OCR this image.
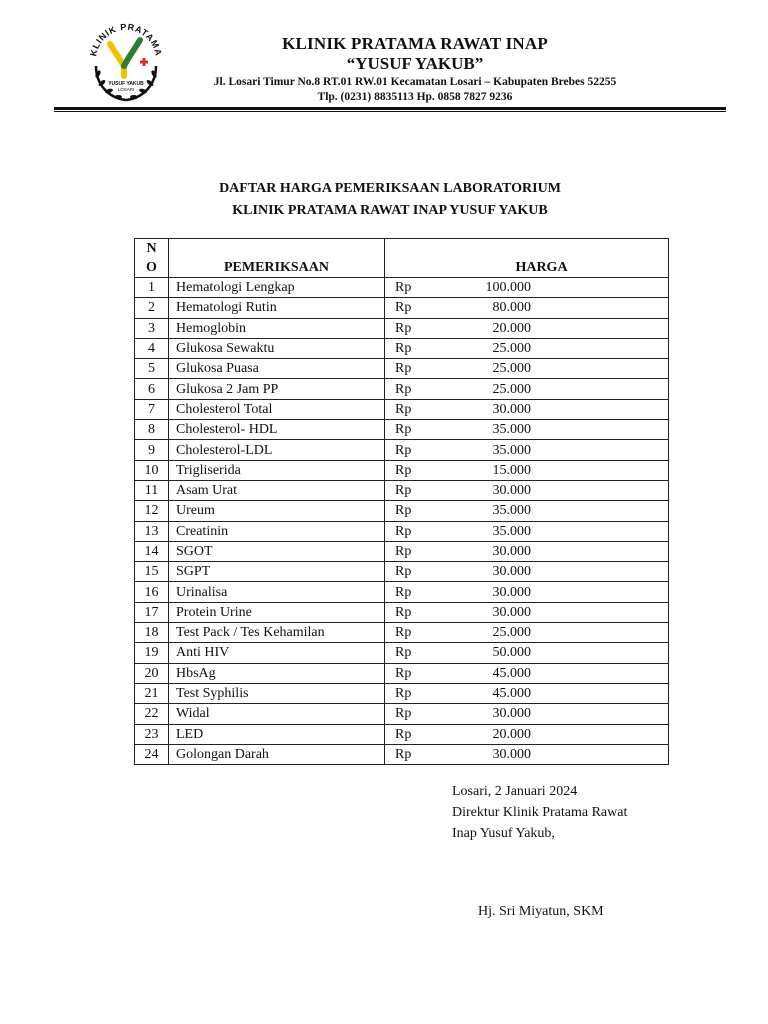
KLINIK PRATAMA
YUSUF YAKUB
LOSARI
KLINIK PRATAMA RAWAT INAP
“YUSUF YAKUB”
Jl. Losari Timur No.8 RT.01 RW.01 Kecamatan Losari – Kabupaten Brebes 52255
Tlp. (0231) 8835113 Hp. 0858 7827 9236
DAFTAR HARGA PEMERIKSAAN LABORATORIUM
KLINIK PRATAMA RAWAT INAP YUSUF YAKUB
N
O	PEMERIKSAAN	HARGA
1	Hematologi Lengkap	Rp 100.000
2	Hematologi Rutin	Rp 80.000
3	Hemoglobin	Rp 20.000
4	Glukosa Sewaktu	Rp 25.000
5	Glukosa Puasa	Rp 25.000
6	Glukosa 2 Jam PP	Rp 25.000
7	Cholesterol Total	Rp 30.000
8	Cholesterol- HDL	Rp 35.000
9	Cholesterol-LDL	Rp 35.000
10	Trigliserida	Rp 15.000
11	Asam Urat	Rp 30.000
12	Ureum	Rp 35.000
13	Creatinin	Rp 35.000
14	SGOT	Rp 30.000
15	SGPT	Rp 30.000
16	Urinalisa	Rp 30.000
17	Protein Urine	Rp 30.000
18	Test Pack / Tes Kehamilan	Rp 25.000
19	Anti HIV	Rp 50.000
20	HbsAg	Rp 45.000
21	Test Syphilis	Rp 45.000
22	Widal	Rp 30.000
23	LED	Rp 20.000
24	Golongan Darah	Rp 30.000
Losari, 2 Januari 2024
Direktur Klinik Pratama Rawat
Inap Yusuf Yakub,
Hj. Sri Miyatun, SKM
